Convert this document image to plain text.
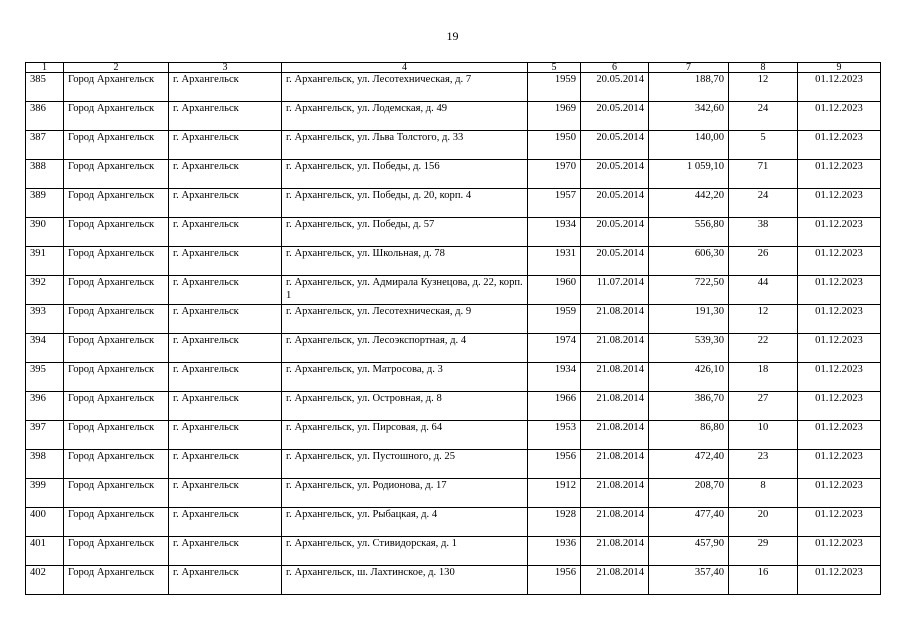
19
1	2	3	4	5	6	7	8	9
385	Город Архангельск	г. Архангельск	г. Архангельск, ул. Лесотехническая, д. 7	1959	20.05.2014	188,70	12	01.12.2023
386	Город Архангельск	г. Архангельск	г. Архангельск, ул. Лодемская, д. 49	1969	20.05.2014	342,60	24	01.12.2023
387	Город Архангельск	г. Архангельск	г. Архангельск, ул. Льва Толстого, д. 33	1950	20.05.2014	140,00	5	01.12.2023
388	Город Архангельск	г. Архангельск	г. Архангельск, ул. Победы, д. 156	1970	20.05.2014	1 059,10	71	01.12.2023
389	Город Архангельск	г. Архангельск	г. Архангельск, ул. Победы, д. 20, корп. 4	1957	20.05.2014	442,20	24	01.12.2023
390	Город Архангельск	г. Архангельск	г. Архангельск, ул. Победы, д. 57	1934	20.05.2014	556,80	38	01.12.2023
391	Город Архангельск	г. Архангельск	г. Архангельск, ул. Школьная, д. 78	1931	20.05.2014	606,30	26	01.12.2023
392	Город Архангельск	г. Архангельск	г. Архангельск, ул. Адмирала Кузнецова, д. 22, корп. 1	1960	11.07.2014	722,50	44	01.12.2023
393	Город Архангельск	г. Архангельск	г. Архангельск, ул. Лесотехническая, д. 9	1959	21.08.2014	191,30	12	01.12.2023
394	Город Архангельск	г. Архангельск	г. Архангельск, ул. Лесоэкспортная, д. 4	1974	21.08.2014	539,30	22	01.12.2023
395	Город Архангельск	г. Архангельск	г. Архангельск, ул. Матросова, д. 3	1934	21.08.2014	426,10	18	01.12.2023
396	Город Архангельск	г. Архангельск	г. Архангельск, ул. Островная, д. 8	1966	21.08.2014	386,70	27	01.12.2023
397	Город Архангельск	г. Архангельск	г. Архангельск, ул. Пирсовая, д. 64	1953	21.08.2014	86,80	10	01.12.2023
398	Город Архангельск	г. Архангельск	г. Архангельск, ул. Пустошного, д. 25	1956	21.08.2014	472,40	23	01.12.2023
399	Город Архангельск	г. Архангельск	г. Архангельск, ул. Родионова, д. 17	1912	21.08.2014	208,70	8	01.12.2023
400	Город Архангельск	г. Архангельск	г. Архангельск, ул. Рыбацкая, д. 4	1928	21.08.2014	477,40	20	01.12.2023
401	Город Архангельск	г. Архангельск	г. Архангельск, ул. Стивидорская, д. 1	1936	21.08.2014	457,90	29	01.12.2023
402	Город Архангельск	г. Архангельск	г. Архангельск, ш. Лахтинское, д. 130	1956	21.08.2014	357,40	16	01.12.2023
